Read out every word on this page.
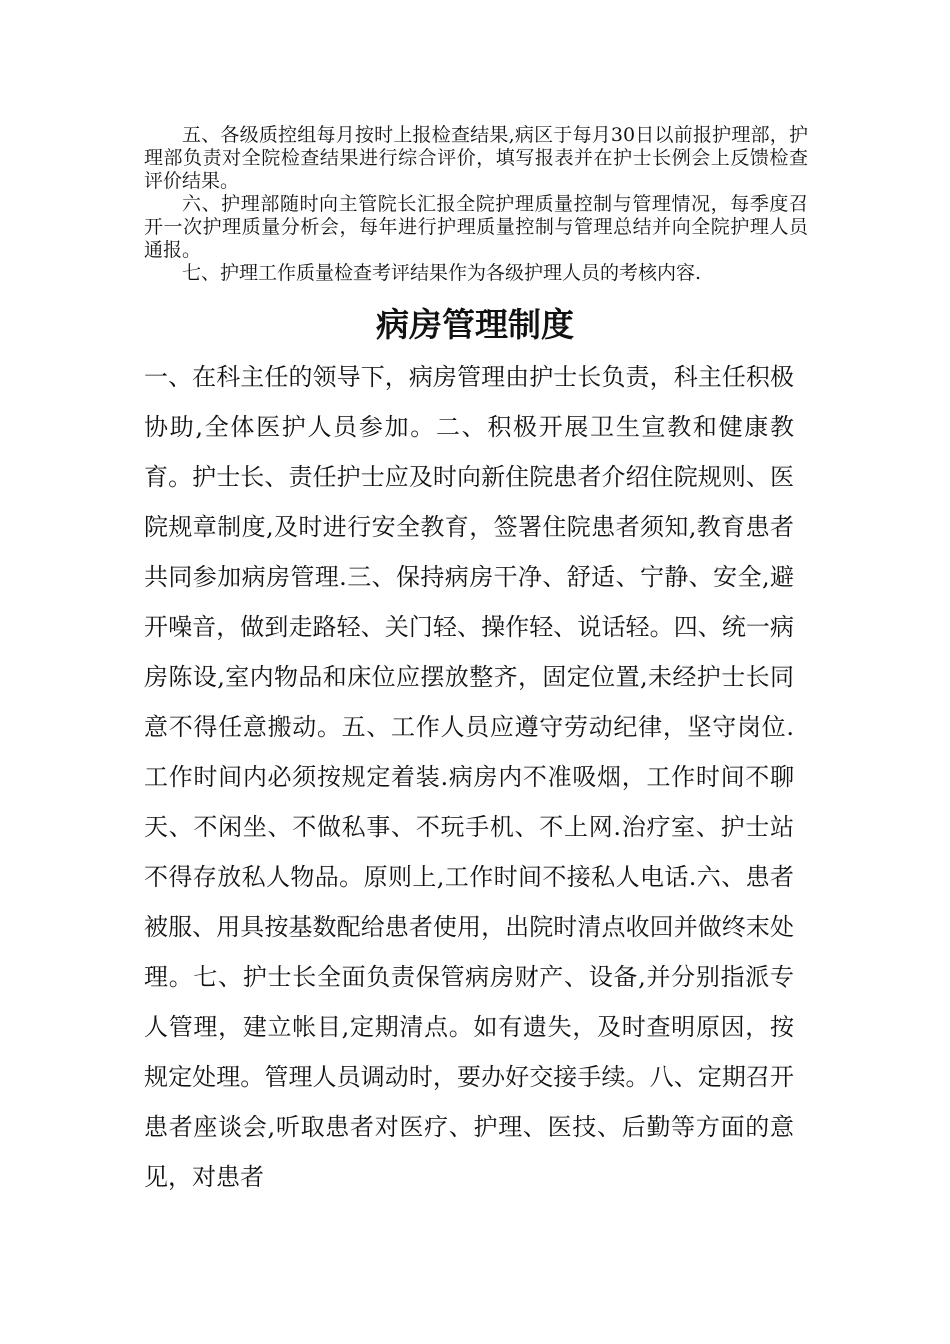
五、各级质控组每月按时上报检查结果,病区于每月30日以前报护理部，护理部负责对全院检查结果进行综合评价，填写报表并在护士长例会上反馈检查评价结果。

六、护理部随时向主管院长汇报全院护理质量控制与管理情况，每季度召开一次护理质量分析会，每年进行护理质量控制与管理总结并向全院护理人员通报。

七、护理工作质量检查考评结果作为各级护理人员的考核内容.

病房管理制度

一、在科主任的领导下，病房管理由护士长负责，科主任积极协助,全体医护人员参加。二、积极开展卫生宣教和健康教育。护士长、责任护士应及时向新住院患者介绍住院规则、医院规章制度,及时进行安全教育，签署住院患者须知,教育患者共同参加病房管理.三、保持病房干净、舒适、宁静、安全,避开噪音，做到走路轻、关门轻、操作轻、说话轻。四、统一病房陈设,室内物品和床位应摆放整齐，固定位置,未经护士长同意不得任意搬动。五、工作人员应遵守劳动纪律，坚守岗位.工作时间内必须按规定着装.病房内不准吸烟，工作时间不聊天、不闲坐、不做私事、不玩手机、不上网.治疗室、护士站不得存放私人物品。原则上,工作时间不接私人电话.六、患者被服、用具按基数配给患者使用，出院时清点收回并做终末处理。七、护士长全面负责保管病房财产、设备,并分别指派专人管理，建立帐目,定期清点。如有遗失，及时查明原因，按规定处理。管理人员调动时，要办好交接手续。八、定期召开患者座谈会,听取患者对医疗、护理、医技、后勤等方面的意见，对患者
